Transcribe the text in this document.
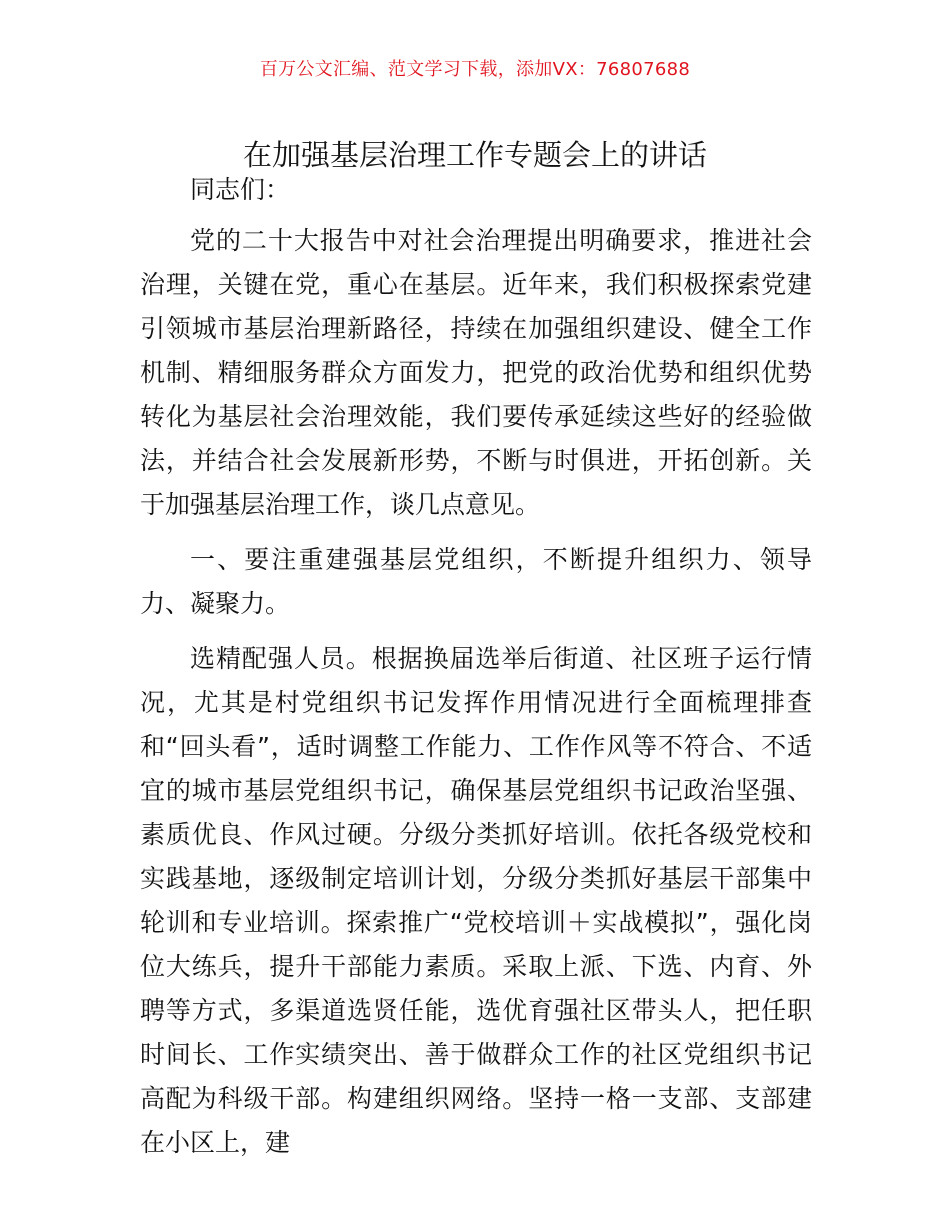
百万公文汇编、范文学习下载，添加VX：76807688
在加强基层治理工作专题会上的讲话

同志们：

党的二十大报告中对社会治理提出明确要求，推进社会治理，关键在党，重心在基层。近年来，我们积极探索党建引领城市基层治理新路径，持续在加强组织建设、健全工作机制、精细服务群众方面发力，把党的政治优势和组织优势转化为基层社会治理效能，我们要传承延续这些好的经验做法，并结合社会发展新形势，不断与时俱进，开拓创新。关于加强基层治理工作，谈几点意见。

一、要注重建强基层党组织，不断提升组织力、领导力、凝聚力。

选精配强人员。根据换届选举后街道、社区班子运行情况，尤其是村党组织书记发挥作用情况进行全面梳理排查和“回头看”，适时调整工作能力、工作作风等不符合、不适宜的城市基层党组织书记，确保基层党组织书记政治坚强、素质优良、作风过硬。分级分类抓好培训。依托各级党校和实践基地，逐级制定培训计划，分级分类抓好基层干部集中轮训和专业培训。探索推广“党校培训＋实战模拟”，强化岗位大练兵，提升干部能力素质。采取上派、下选、内育、外聘等方式，多渠道选贤任能，选优育强社区带头人，把任职时间长、工作实绩突出、善于做群众工作的社区党组织书记高配为科级干部。构建组织网络。坚持一格一支部、支部建在小区上，建
